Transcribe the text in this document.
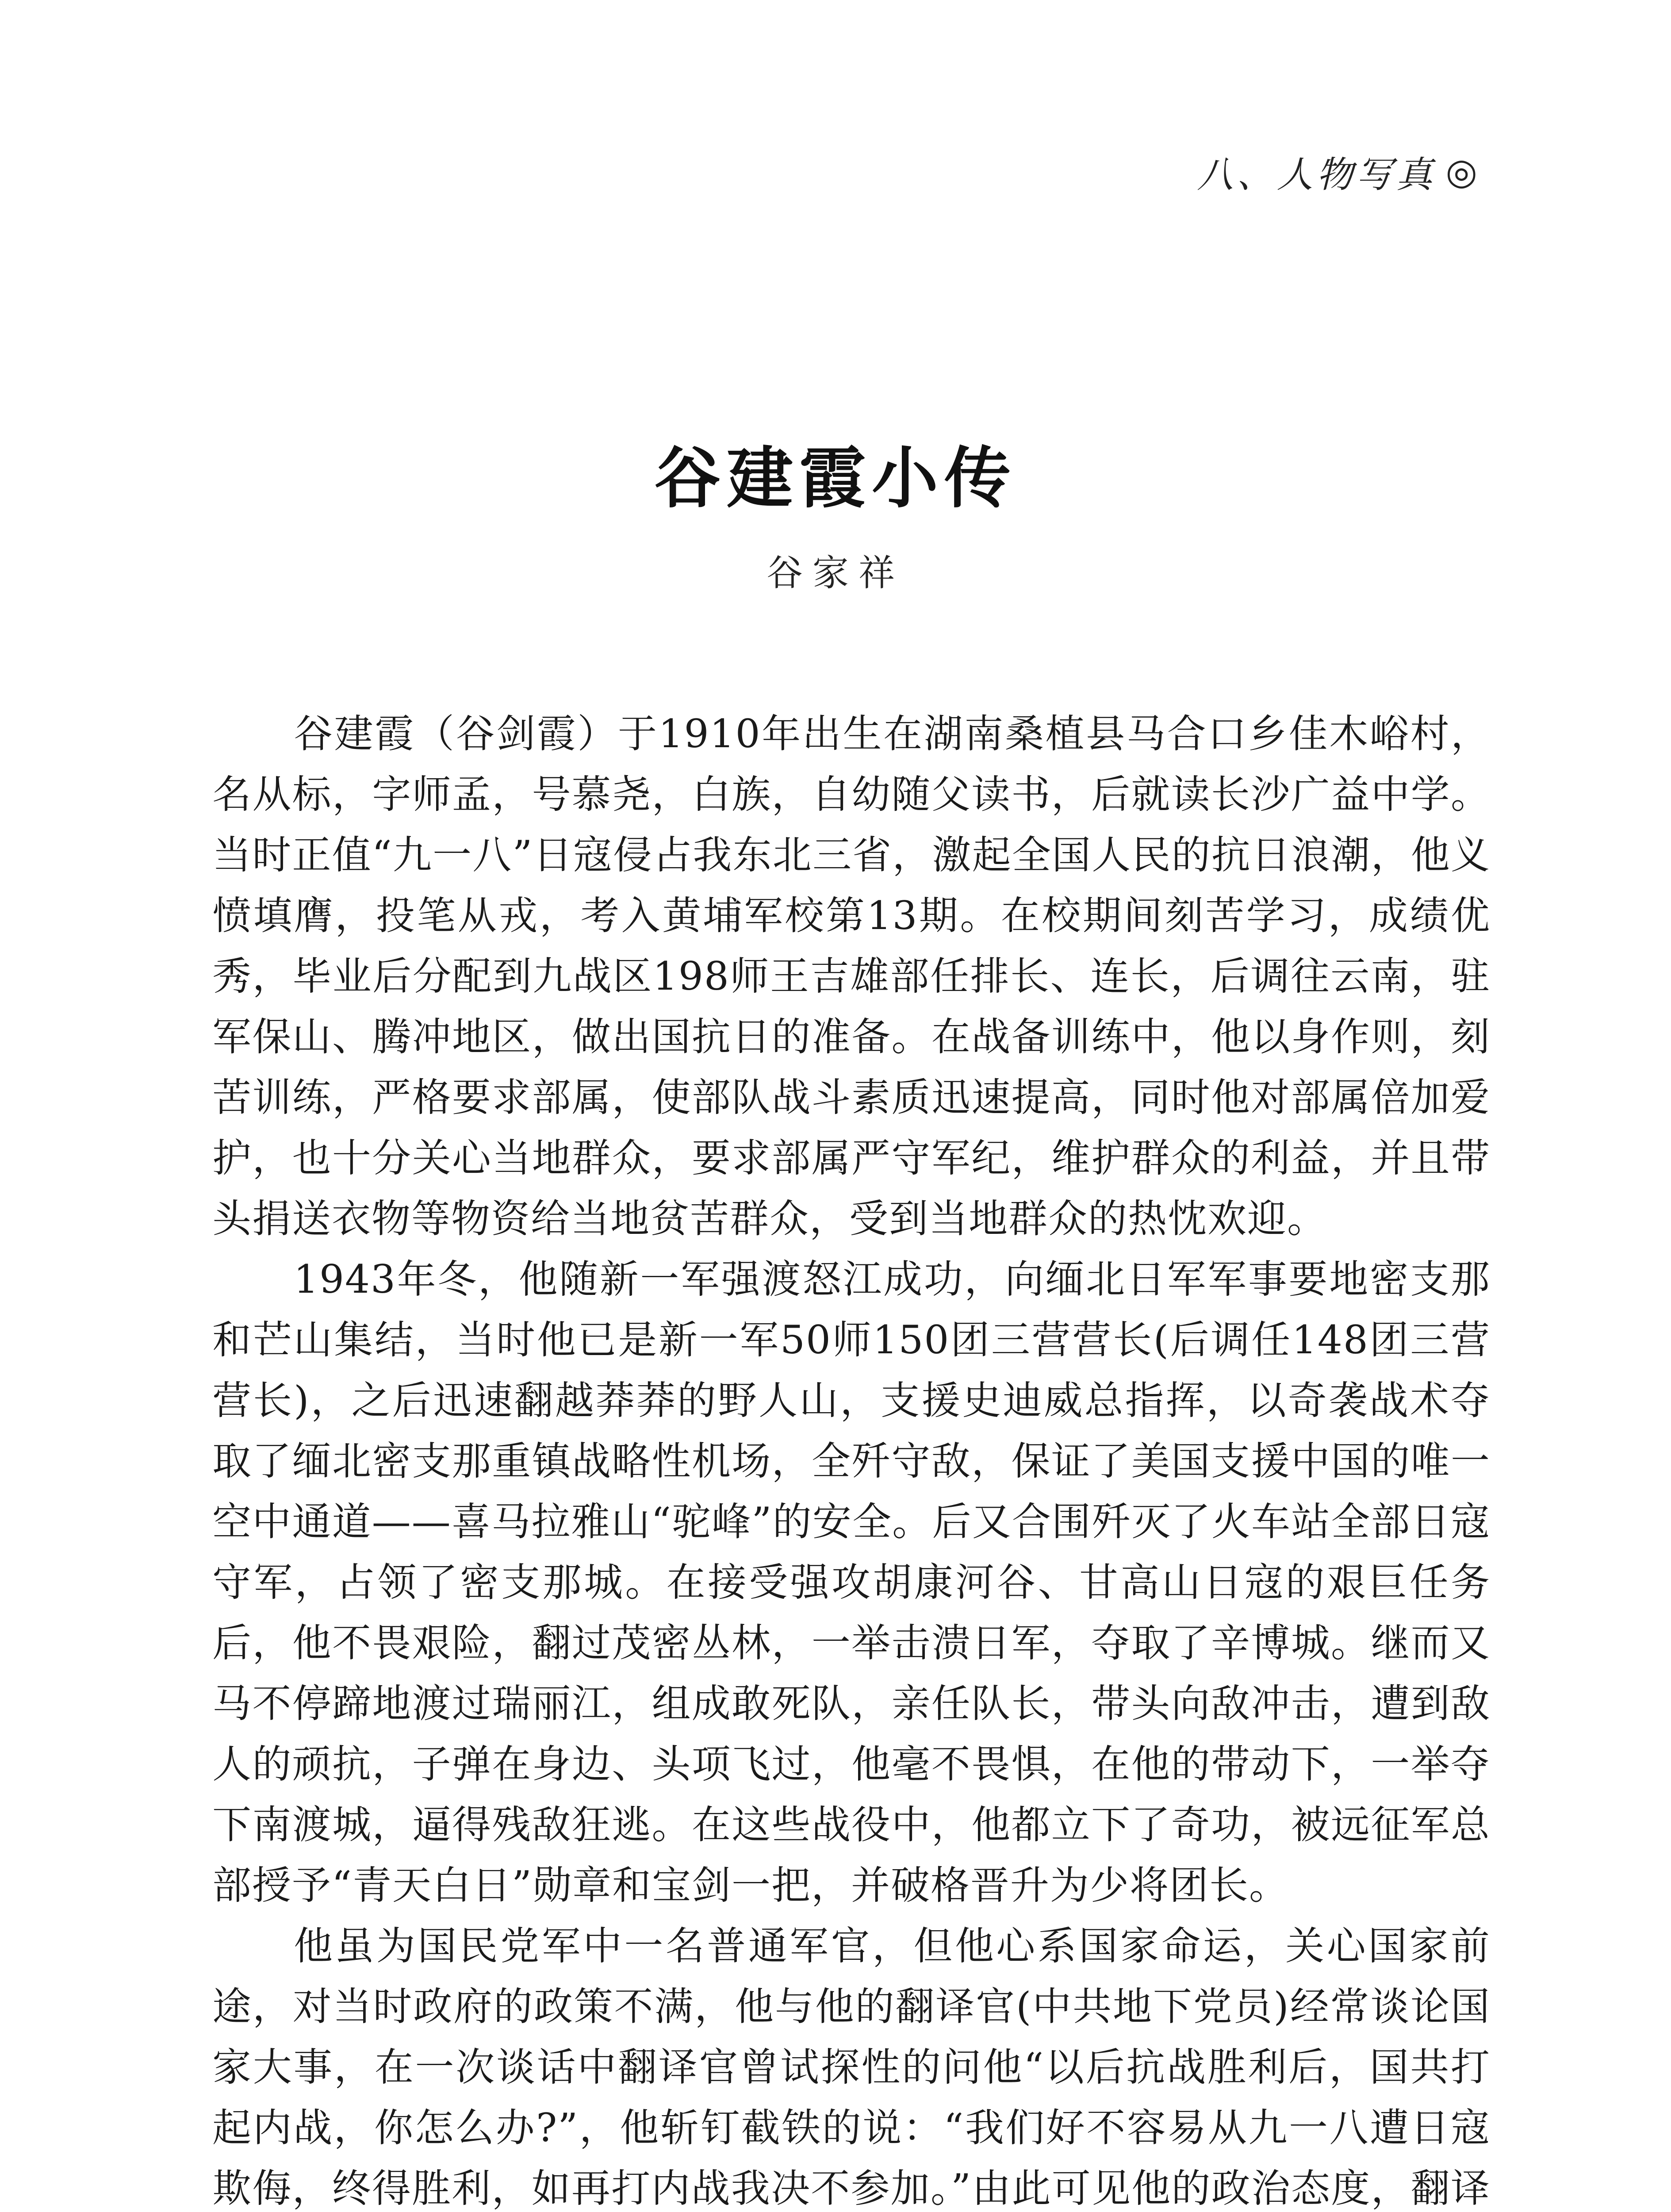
八、人物写真 ◎
谷建霞小传
谷家祥

谷建霞（谷剑霞）于1910年出生在湖南桑植县马合口乡佳木峪村，名从标，字师孟，号慕尧，白族，自幼随父读书，后就读长沙广益中学。当时正值“九一八”日寇侵占我东北三省，激起全国人民的抗日浪潮，他义愤填膺，投笔从戎，考入黄埔军校第13期。在校期间刻苦学习，成绩优秀，毕业后分配到九战区198师王吉雄部任排长、连长，后调往云南，驻军保山、腾冲地区，做出国抗日的准备。在战备训练中，他以身作则，刻苦训练，严格要求部属，使部队战斗素质迅速提高，同时他对部属倍加爱护，也十分关心当地群众，要求部属严守军纪，维护群众的利益，并且带头捐送衣物等物资给当地贫苦群众，受到当地群众的热忱欢迎。

1943年冬，他随新一军强渡怒江成功，向缅北日军军事要地密支那和芒山集结，当时他已是新一军50师150团三营营长(后调任148团三营营长)，之后迅速翻越莽莽的野人山，支援史迪威总指挥，以奇袭战术夺取了缅北密支那重镇战略性机场，全歼守敌，保证了美国支援中国的唯一空中通道——喜马拉雅山“驼峰”的安全。后又合围歼灭了火车站全部日寇守军，占领了密支那城。在接受强攻胡康河谷、甘高山日寇的艰巨任务后，他不畏艰险，翻过茂密丛林，一举击溃日军，夺取了辛博城。继而又马不停蹄地渡过瑞丽江，组成敢死队，亲任队长，带头向敌冲击，遭到敌人的顽抗，子弹在身边、头项飞过，他毫不畏惧，在他的带动下，一举夺下南渡城，逼得残敌狂逃。在这些战役中，他都立下了奇功，被远征军总部授予“青天白日”勋章和宝剑一把，并破格晋升为少将团长。

他虽为国民党军中一名普通军官，但他心系国家命运，关心国家前途，对当时政府的政策不满，他与他的翻译官(中共地下党员)经常谈论国家大事，在一次谈话中翻译官曾试探性的问他“以后抗战胜利后，国共打起内战，你怎么办?”，他斩钉截铁的说：“我们好不容易从九一八遭日寇欺侮，终得胜利，如再打内战我决不参加。”由此可见他的政治态度，翻译
